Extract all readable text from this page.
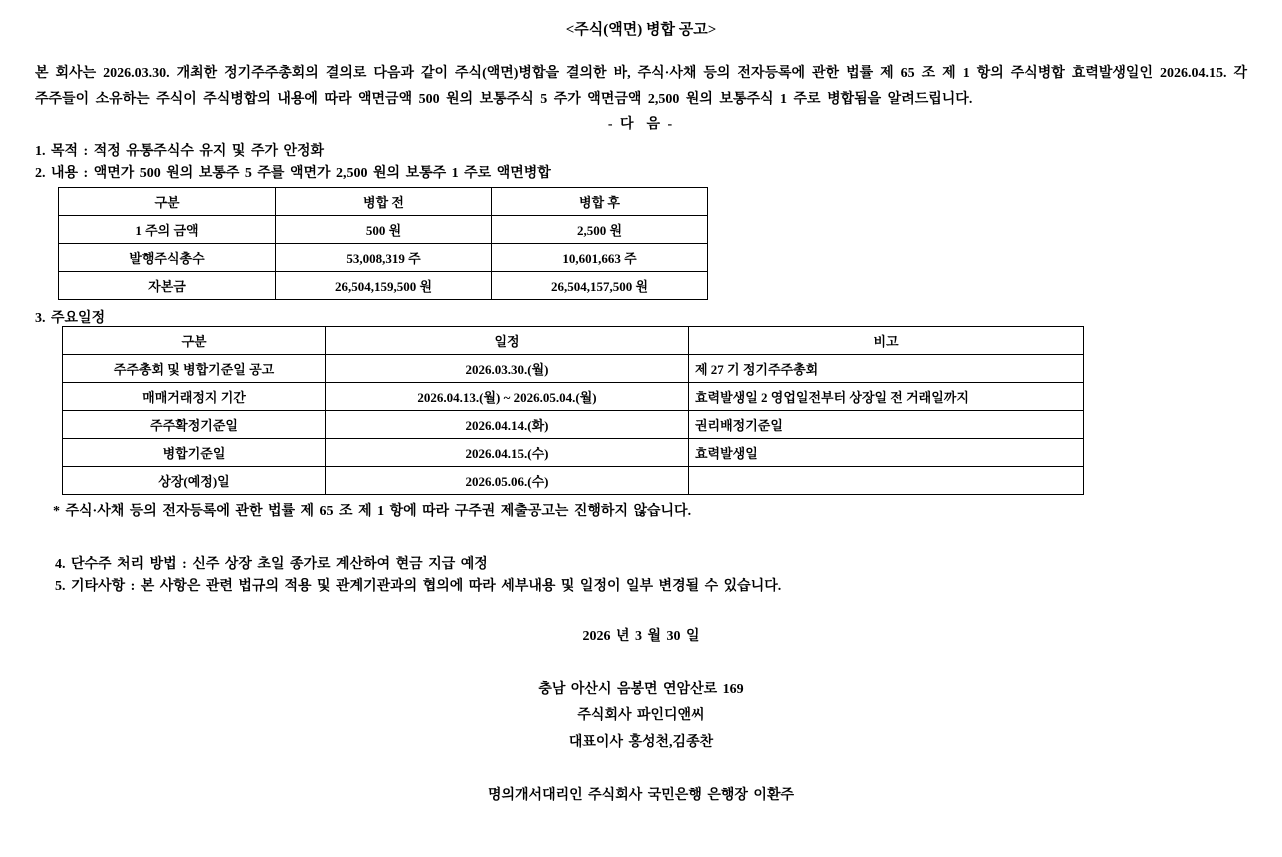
<주식(액면) 병합 공고>
본 회사는 2026.03.30. 개최한 정기주주총회의 결의로 다음과 같이 주식(액면)병합을 결의한 바, 주식·사채 등의 전자등록에 관한 법률 제 65 조 제 1 항의 주식병합 효력발생일인 2026.04.15. 각 주주들이 소유하는 주식이 주식병합의 내용에 따라 액면금액 500 원의 보통주식 5 주가 액면금액 2,500 원의 보통주식 1 주로 병합됨을 알려드립니다.
- 다  음 -
1. 목적 : 적정 유통주식수 유지 및 주가 안정화
2. 내용 : 액면가 500 원의 보통주 5 주를 액면가 2,500 원의 보통주 1 주로 액면병합
구분	병합 전	병합 후
1 주의 금액	500 원	2,500 원
발행주식총수	53,008,319 주	10,601,663 주
자본금	26,504,159,500 원	26,504,157,500 원
3. 주요일정
구분	일정	비고
주주총회 및 병합기준일 공고	2026.03.30.(월)	제 27 기 정기주주총회
매매거래정지 기간	2026.04.13.(월) ~ 2026.05.04.(월)	효력발생일 2 영업일전부터 상장일 전 거래일까지
주주확정기준일	2026.04.14.(화)	권리배정기준일
병합기준일	2026.04.15.(수)	효력발생일
상장(예정)일	2026.05.06.(수)	
* 주식·사채 등의 전자등록에 관한 법률 제 65 조 제 1 항에 따라 구주권 제출공고는 진행하지 않습니다.
4. 단수주 처리 방법 : 신주 상장 초일 종가로 계산하여 현금 지급 예정
5. 기타사항 : 본 사항은 관련 법규의 적용 및 관계기관과의 협의에 따라 세부내용 및 일정이 일부 변경될 수 있습니다.
2026 년 3 월 30 일
충남 아산시 음봉면 연암산로 169
주식회사 파인디앤씨
대표이사 홍성천,김종찬
명의개서대리인 주식회사 국민은행 은행장 이환주
